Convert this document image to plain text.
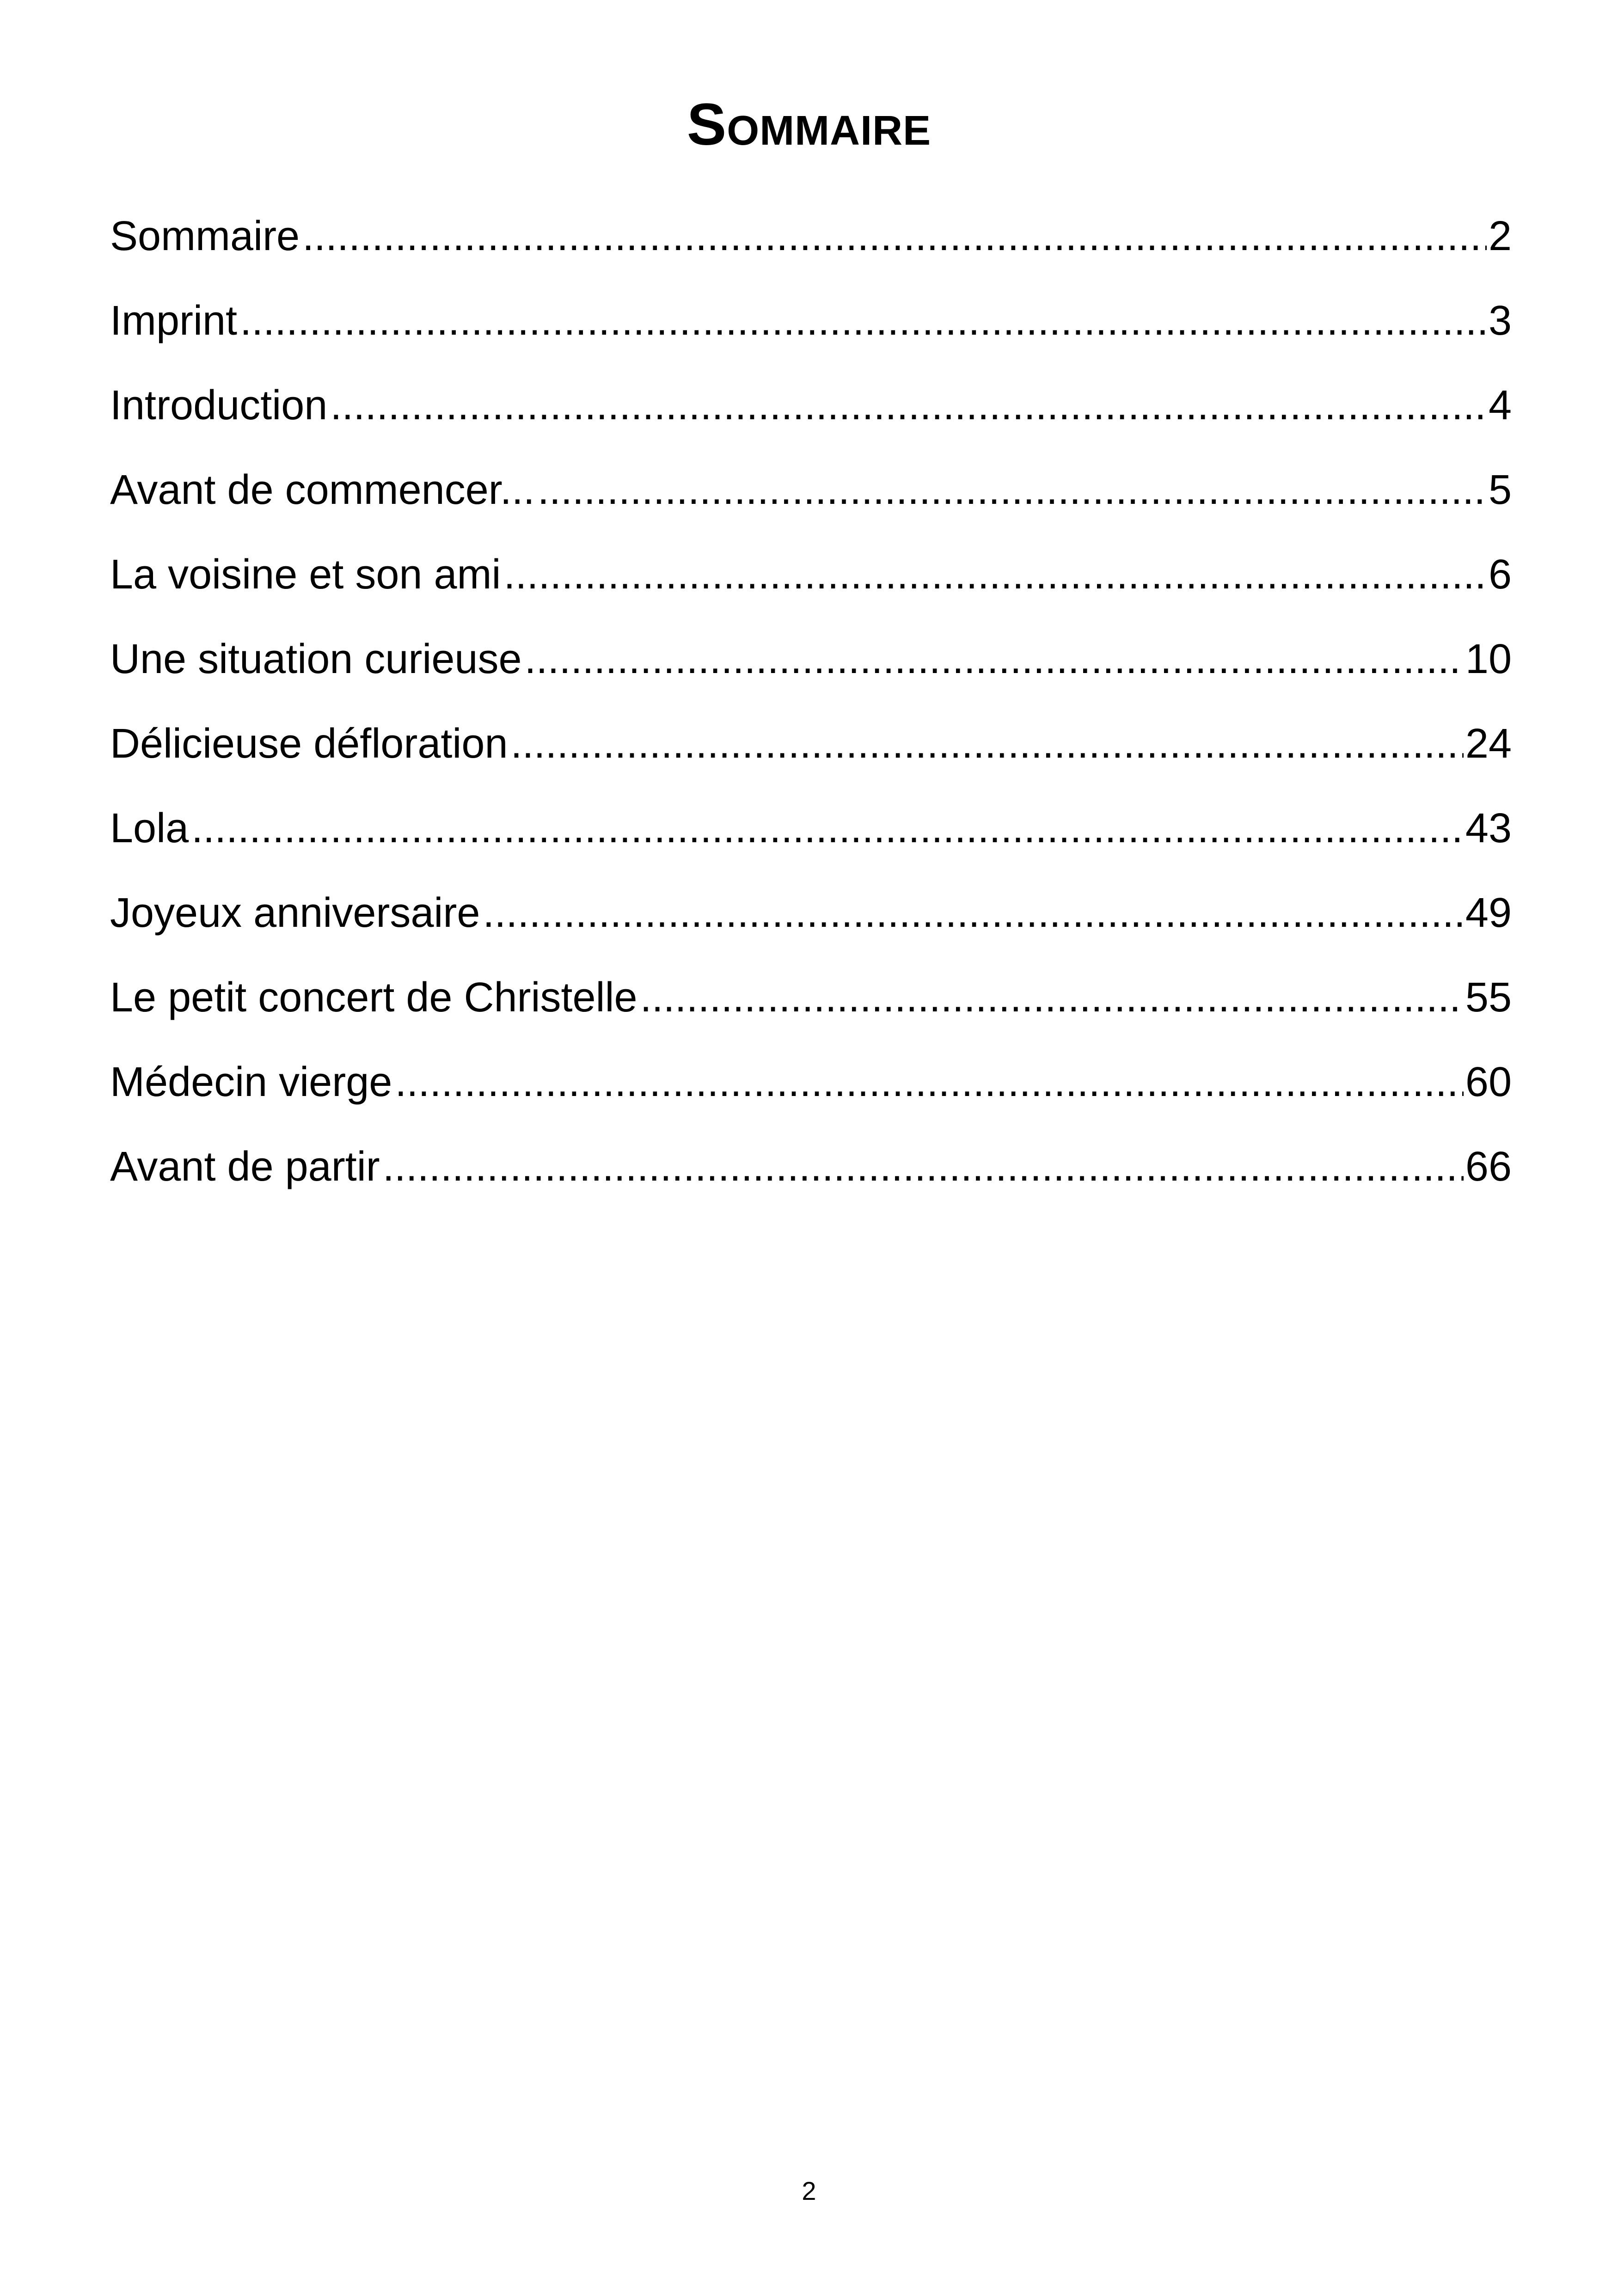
Sommaire
Sommaire .....	2
Imprint .....	3
Introduction .....	4
Avant de commencer... .....	5
La voisine et son ami .....	6
Une situation curieuse .....	10
Délicieuse défloration .....	24
Lola .....	43
Joyeux anniversaire .....	49
Le petit concert de Christelle .....	55
Médecin vierge .....	60
Avant de partir .....	66
2
